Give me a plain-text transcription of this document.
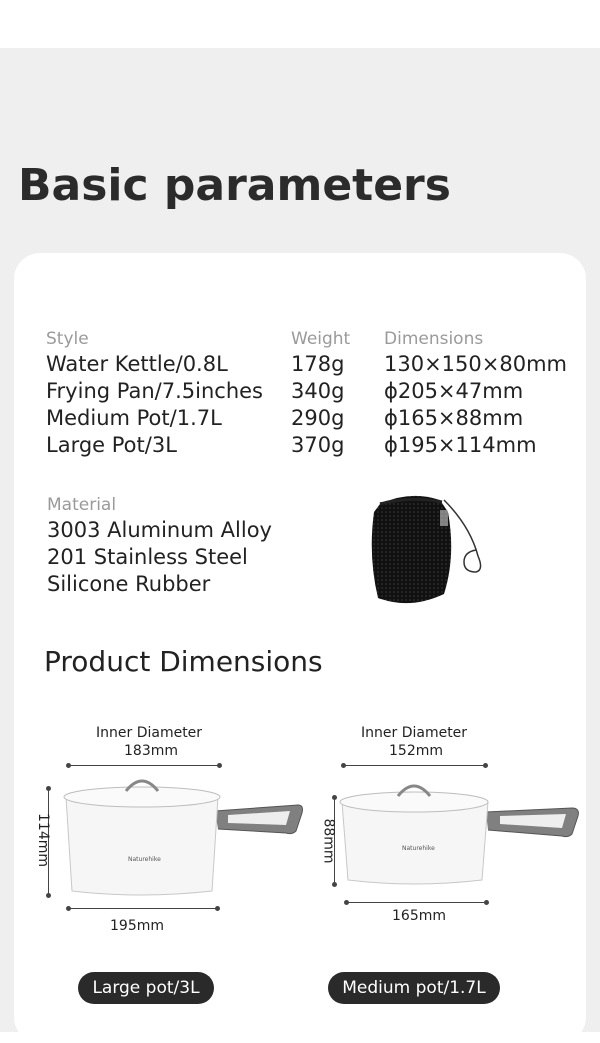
Basic parameters
Style	Weight Dimensions
Water Kettle/0.8L	178g 130×150×80mm
Frying Pan/7.5inches 340g ϕ205×47mm
Medium Pot/1.7L	290g ϕ165×88mm
Large Pot/3L	370g ϕ195×114mm
Material
3003 Aluminum Alloy
201 Stainless Steel
Silicone Rubber
Product Dimensions
Inner Diameter
183mm
114mm	Naturehike
195mm
Large pot/3L
Inner Diameter
152mm
88mm	Naturehike
165mm
Medium pot/1.7L
